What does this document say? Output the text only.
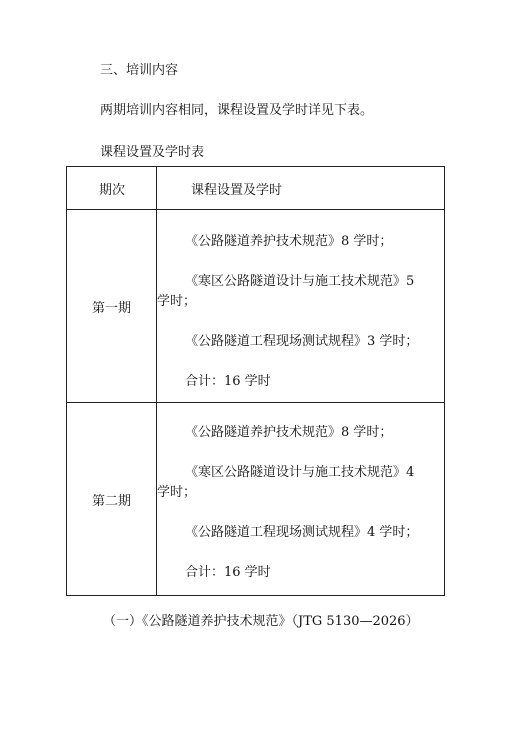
三、培训内容

两期培训内容相同，课程设置及学时详见下表。

课程设置及学时表

期次	课程设置及学时
第一期	《公路隧道养护技术规范》8 学时；

《寒区公路隧道设计与施工技术规范》5

学时；

《公路隧道工程现场测试规程》3 学时；

合计：16 学时

第二期	《公路隧道养护技术规范》8 学时；

《寒区公路隧道设计与施工技术规范》4

学时；

《公路隧道工程现场测试规程》4 学时；

合计：16 学时

（一）《公路隧道养护技术规范》（JTG 5130—2026）
